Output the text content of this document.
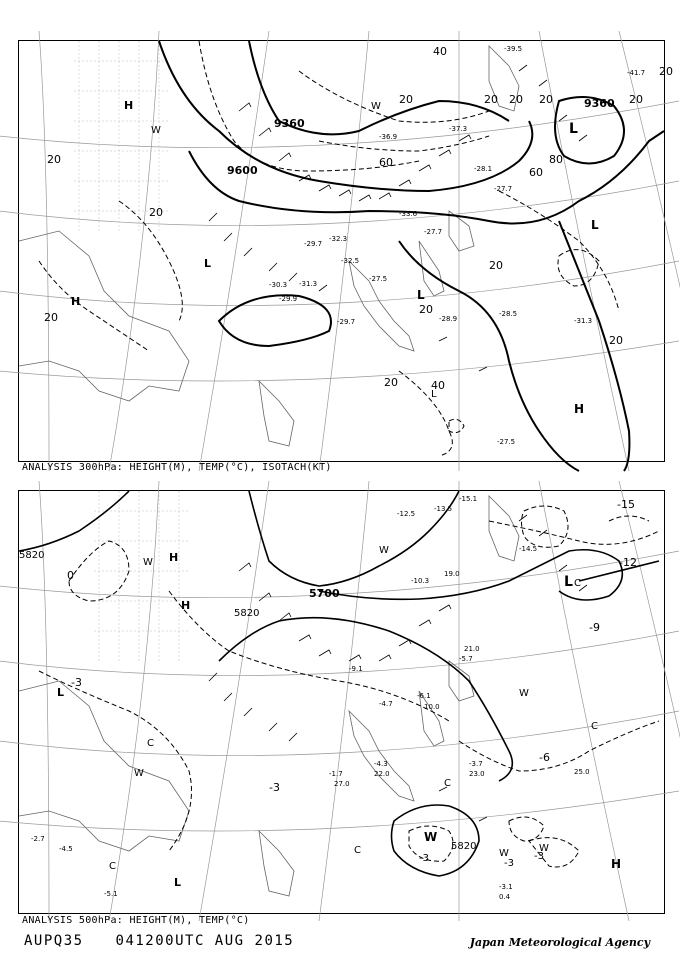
9360
9360
9600
20
20
20
40
20 20 20
20
60
60
80
20
20
20
20
40
20
20
H
W
L
H	L
L
L
H
L
W
-28.5
-29.7
-31.3
-32.5
-27.5
-28.9
-30.3
-27.7
-29.7
-32.3
-33.6
-37.3
-36.9
-39.5
-41.7
-28.1
-27.7
-27.5
-31.3
-29.9
ANALYSIS 300hPa: HEIGHT(M), TEMP(°C), ISOTACH(KT)
5820
5820
5700
5820
0
-3
-3
-6
-9
-12
-15
-3	-3
-3
H
W
H
L
C
W
C
L
W
C
C
W
C
H
L
W	W
C
W
-4.5
-5.1
-5.7
-6.1
-4.3	-3.7
-3.1
-1.7
-4.7
-10.3
-13.5
-15.1
-12.5
-14.5
19.0
21.0
23.0	25.0
0.4
22.0
27.0
10.0
-9.1
-2.7
ANALYSIS 500hPa: HEIGHT(M), TEMP(°C)
AUPQ35 041200UTC AUG 2015	Japan Meteorological Agency
